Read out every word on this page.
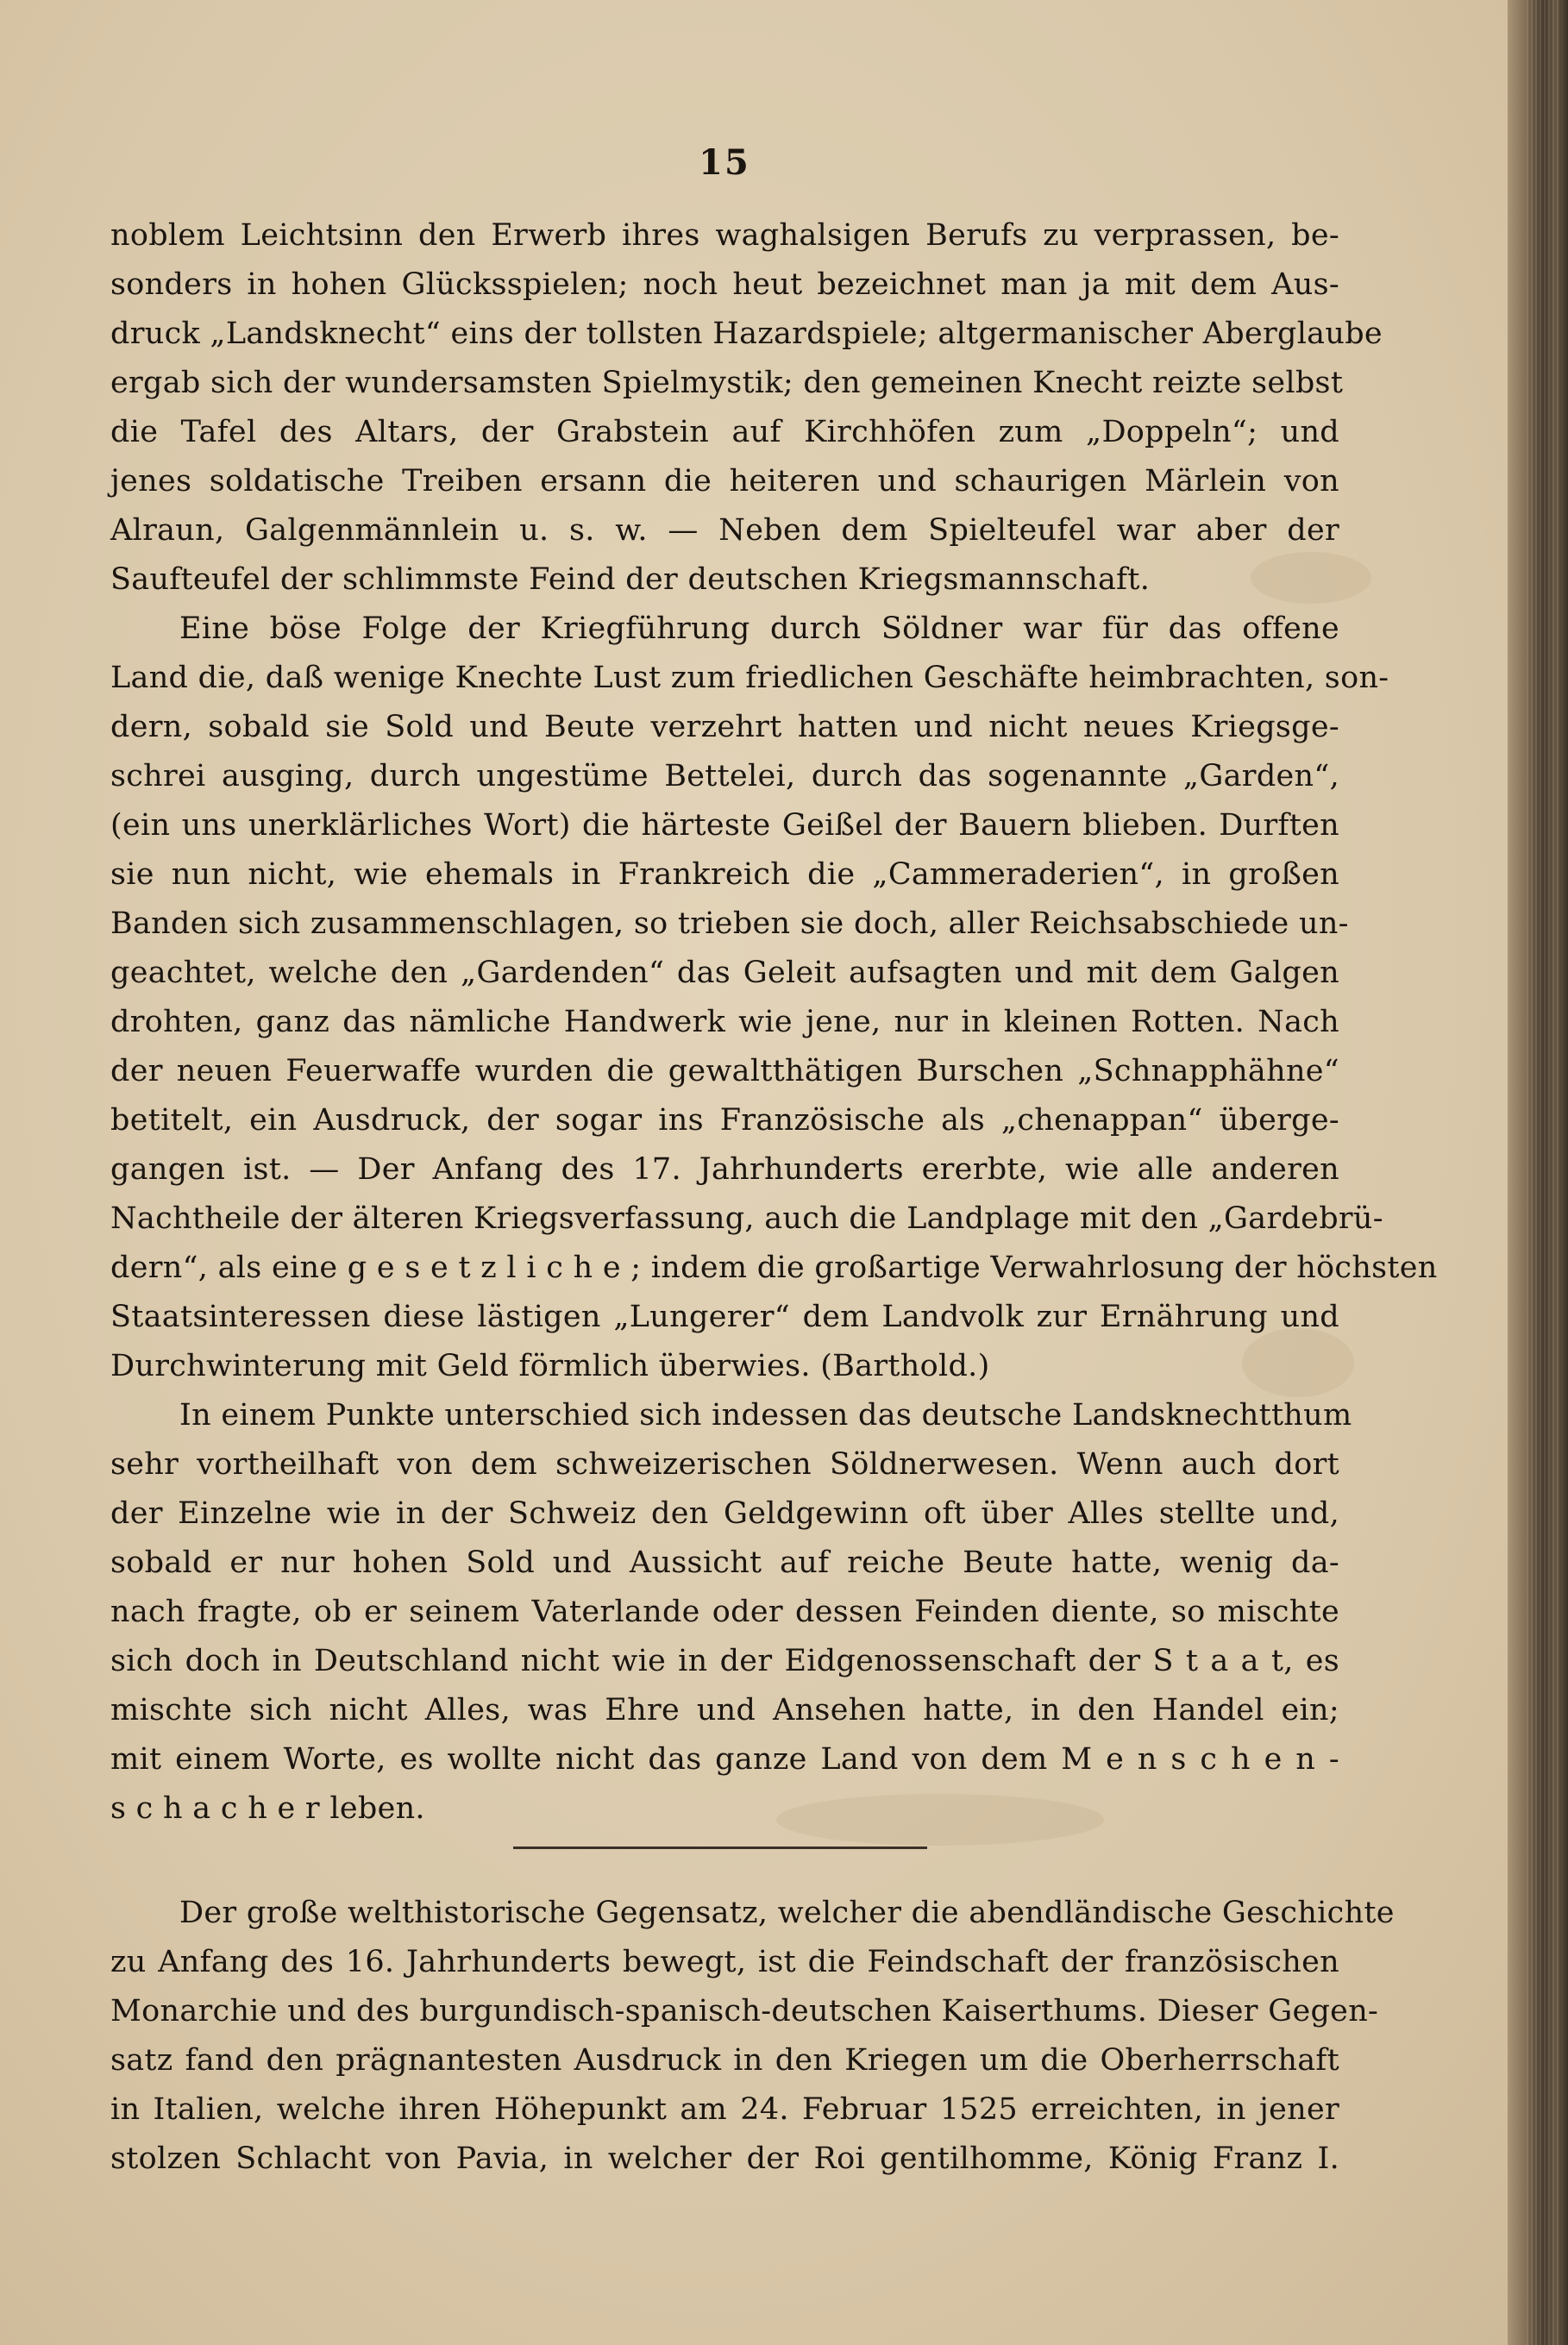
15
noblem Leichtsinn den Erwerb ihres waghalsigen Berufs zu verprassen, be-
sonders in hohen Glücksspielen; noch heut bezeichnet man ja mit dem Aus-
druck „Landsknecht“ eins der tollsten Hazardspiele; altgermanischer Aberglaube
ergab sich der wundersamsten Spielmystik; den gemeinen Knecht reizte selbst
die Tafel des Altars, der Grabstein auf Kirchhöfen zum „Doppeln“; und
jenes soldatische Treiben ersann die heiteren und schaurigen Märlein von
Alraun, Galgenmännlein u. s. w. — Neben dem Spielteufel war aber der
Saufteufel der schlimmste Feind der deutschen Kriegsmannschaft.
Eine böse Folge der Kriegführung durch Söldner war für das offene
Land die, daß wenige Knechte Lust zum friedlichen Geschäfte heimbrachten, son-
dern, sobald sie Sold und Beute verzehrt hatten und nicht neues Kriegsge-
schrei ausging, durch ungestüme Bettelei, durch das sogenannte „Garden“,
(ein uns unerklärliches Wort) die härteste Geißel der Bauern blieben. Durften
sie nun nicht, wie ehemals in Frankreich die „Cammeraderien“, in großen
Banden sich zusammenschlagen, so trieben sie doch, aller Reichsabschiede un-
geachtet, welche den „Gardenden“ das Geleit aufsagten und mit dem Galgen
drohten, ganz das nämliche Handwerk wie jene, nur in kleinen Rotten. Nach
der neuen Feuerwaffe wurden die gewaltthätigen Burschen „Schnapphähne“
betitelt, ein Ausdruck, der sogar ins Französische als „chenappan“ überge-
gangen ist. — Der Anfang des 17. Jahrhunderts ererbte, wie alle anderen
Nachtheile der älteren Kriegsverfassung, auch die Landplage mit den „Gardebrü-
dern“, als eine g e s e t z l i c h e ; indem die großartige Verwahrlosung der höchsten
Staatsinteressen diese lästigen „Lungerer“ dem Landvolk zur Ernährung und
Durchwinterung mit Geld förmlich überwies. (Barthold.)
In einem Punkte unterschied sich indessen das deutsche Landsknechtthum
sehr vortheilhaft von dem schweizerischen Söldnerwesen. Wenn auch dort
der Einzelne wie in der Schweiz den Geldgewinn oft über Alles stellte und,
sobald er nur hohen Sold und Aussicht auf reiche Beute hatte, wenig da-
nach fragte, ob er seinem Vaterlande oder dessen Feinden diente, so mischte
sich doch in Deutschland nicht wie in der Eidgenossenschaft der S t a a t, es
mischte sich nicht Alles, was Ehre und Ansehen hatte, in den Handel ein;
mit einem Worte, es wollte nicht das ganze Land von dem M e n s c h e n -
s c h a c h e r leben.
Der große welthistorische Gegensatz, welcher die abendländische Geschichte
zu Anfang des 16. Jahrhunderts bewegt, ist die Feindschaft der französischen
Monarchie und des burgundisch-spanisch-deutschen Kaiserthums. Dieser Gegen-
satz fand den prägnantesten Ausdruck in den Kriegen um die Oberherrschaft
in Italien, welche ihren Höhepunkt am 24. Februar 1525 erreichten, in jener
stolzen Schlacht von Pavia, in welcher der Roi gentilhomme, König Franz I.
